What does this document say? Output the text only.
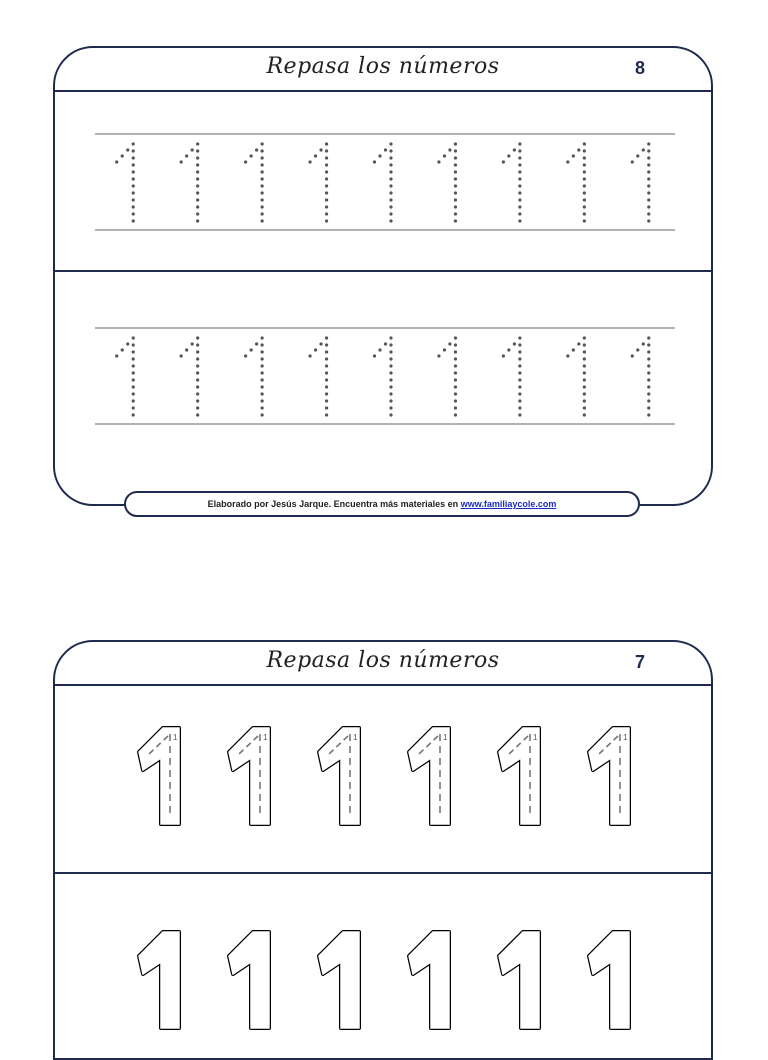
Repasa los números	8
Elaborado por Jesús Jarque. Encuentra más materiales en www.familiaycole.com
Repasa los números	7
1	1	1	1	1	1
